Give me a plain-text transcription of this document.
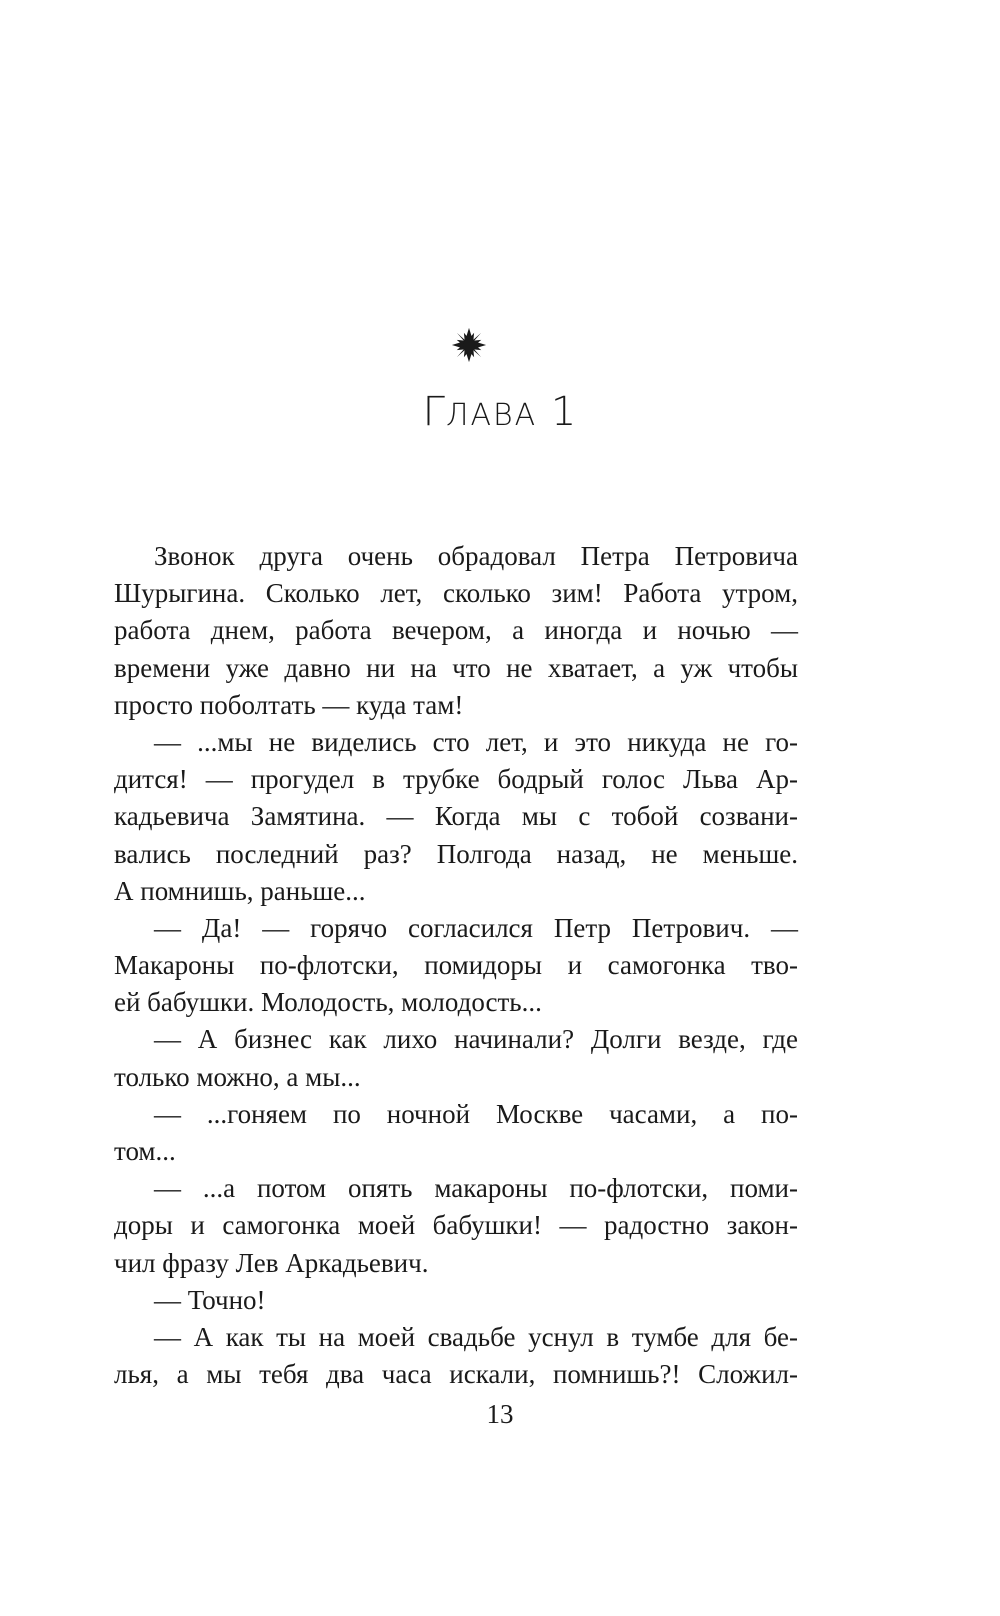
ГЛАВА 1
Звонок друга очень обрадовал Петра Петровича
Шурыгина. Сколько лет, сколько зим! Работа утром,
работа днем, работа вечером, а иногда и ночью —
времени уже давно ни на что не хватает, а уж чтобы
просто поболтать — куда там!
— ...мы не виделись сто лет, и это никуда не го-
дится! — прогудел в трубке бодрый голос Льва Ар-
кадьевича Замятина. — Когда мы с тобой созвани-
вались последний раз? Полгода назад, не меньше.
А помнишь, раньше...
— Да! — горячо согласился Петр Петрович. —
Макароны по-флотски, помидоры и самогонка тво-
ей бабушки. Молодость, молодость...
— А бизнес как лихо начинали? Долги везде, где
только можно, а мы...
— ...гоняем по ночной Москве часами, а по-
том...
— ...а потом опять макароны по-флотски, поми-
доры и самогонка моей бабушки! — радостно закон-
чил фразу Лев Аркадьевич.
— Точно!
— А как ты на моей свадьбе уснул в тумбе для бе-
лья, а мы тебя два часа искали, помнишь?! Сложил-
13
